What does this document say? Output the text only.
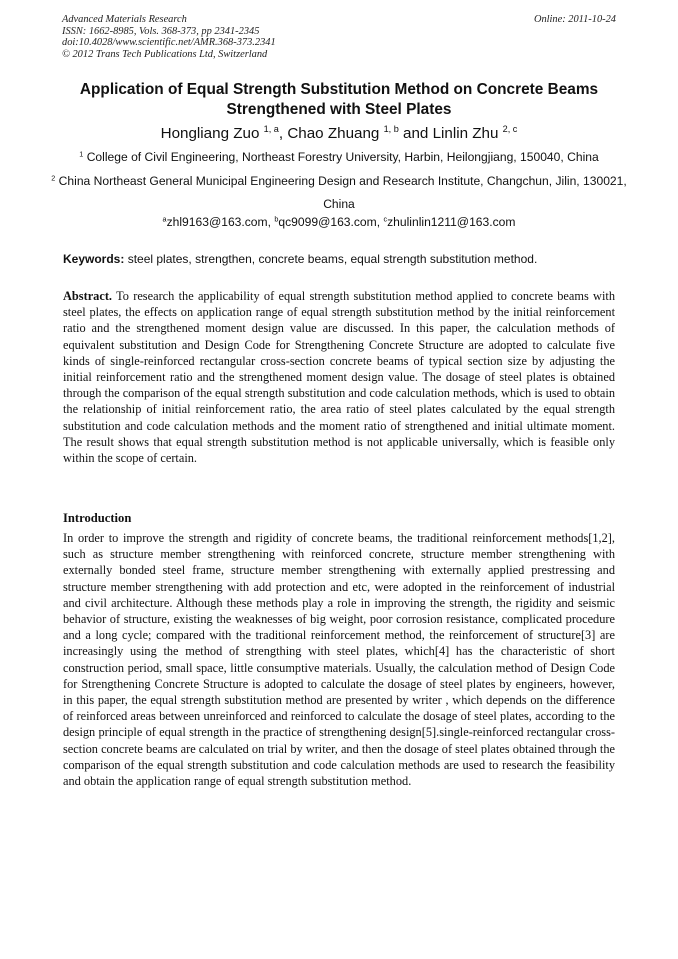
Advanced Materials Research
ISSN: 1662-8985, Vols. 368-373, pp 2341-2345
doi:10.4028/www.scientific.net/AMR.368-373.2341
© 2012 Trans Tech Publications Ltd, Switzerland
Online: 2011-10-24
Application of Equal Strength Substitution Method on Concrete Beams
Strengthened with Steel Plates
Hongliang Zuo $^{1, a}$, Chao Zhuang $^{1, b}$ and Linlin Zhu $^{2, c}$
$^1$ College of Civil Engineering, Northeast Forestry University, Harbin, Heilongjiang, 150040, China
$^2$ China Northeast General Municipal Engineering Design and Research Institute, Changchun, Jilin, 130021, China
$^a$zhl9163@163.com, $^b$qc9099@163.com, $^c$zhulinlin1211@163.com
Keywords: steel plates, strengthen, concrete beams, equal strength substitution method.
Abstract. To research the applicability of equal strength substitution method applied to concrete beams with steel plates, the effects on application range of equal strength substitution method by the initial reinforcement ratio and the strengthened moment design value are discussed. In this paper, the calculation methods of equivalent substitution and Design Code for Strengthening Concrete Structure are adopted to calculate five kinds of single-reinforced rectangular cross-section concrete beams of typical section size by adjusting the initial reinforcement ratio and the strengthened moment design value. The dosage of steel plates is obtained through the comparison of the equal strength substitution and code calculation methods, which is used to obtain the relationship of initial reinforcement ratio, the area ratio of steel plates calculated by the equal strength substitution and code calculation methods and the moment ratio of strengthened and initial ultimate moment. The result shows that equal strength substitution method is not applicable universally, which is feasible only within the scope of certain.
Introduction
In order to improve the strength and rigidity of concrete beams, the traditional reinforcement methods[1,2], such as structure member strengthening with reinforced concrete, structure member strengthening with externally bonded steel frame, structure member strengthening with externally applied prestressing and structure member strengthening with add protection and etc, were adopted in the reinforcement of industrial and civil architecture. Although these methods play a role in improving the strength, the rigidity and seismic behavior of structure, existing the weaknesses of big weight, poor corrosion resistance, complicated procedure and a long cycle; compared with the traditional reinforcement method, the reinforcement of structure[3] are increasingly using the method of strengthing with steel plates, which[4] has the characteristic of short construction period, small space, little consumptive materials. Usually, the calculation method of Design Code for Strengthening Concrete Structure is adopted to calculate the dosage of steel plates by engineers, however, in this paper, the equal strength substitution method are presented by writer , which depends on the difference of reinforced areas between unreinforced and reinforced to calculate the dosage of steel plates, according to the design principle of equal strength in the practice of strengthening design[5].single-reinforced rectangular cross-section concrete beams are calculated on trial by writer, and then the dosage of steel plates obtained through the comparison of the equal strength substitution and code calculation methods are used to research the feasibility and obtain the application range of equal strength substitution method.
